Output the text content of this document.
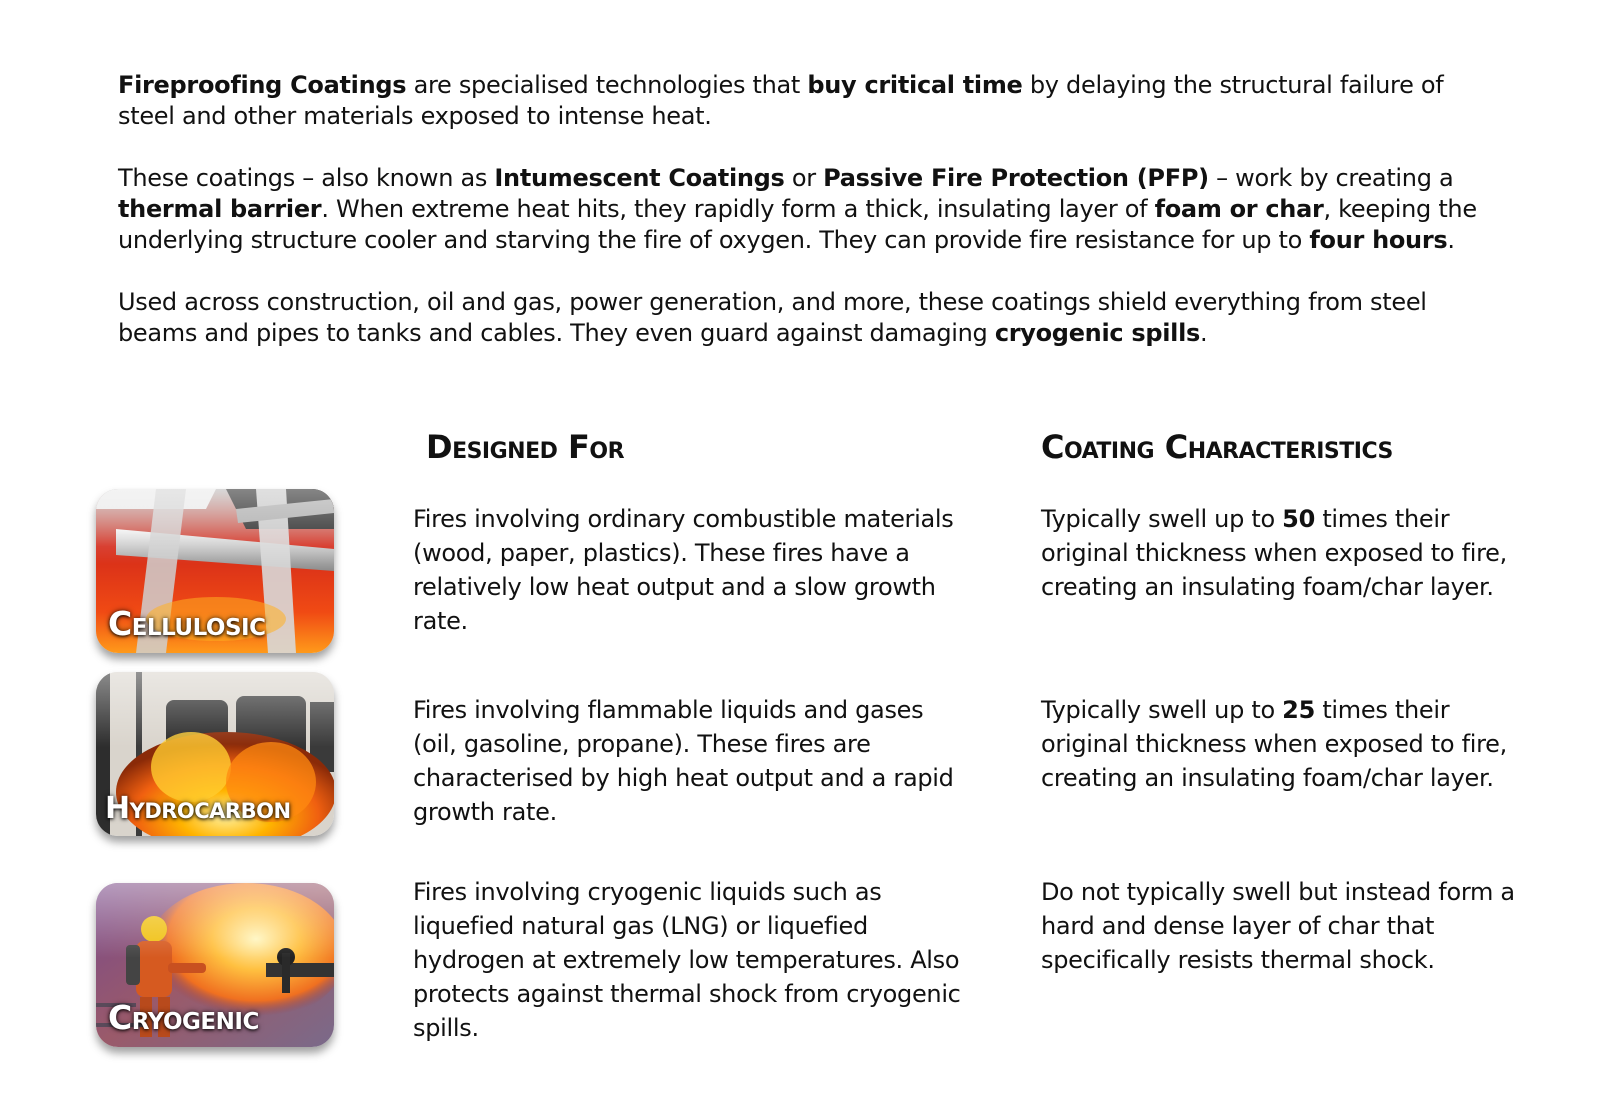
Fireproofing Coatings are specialised technologies that buy critical time by delaying the structural failure of steel and other materials exposed to intense heat.

These coatings – also known as Intumescent Coatings or Passive Fire Protection (PFP) – work by creating a thermal barrier. When extreme heat hits, they rapidly form a thick, insulating layer of foam or char, keeping the underlying structure cooler and starving the fire of oxygen. They can provide fire resistance for up to four hours.

Used across construction, oil and gas, power generation, and more, these coatings shield everything from steel beams and pipes to tanks and cables. They even guard against damaging cryogenic spills.

Designed For	Coating Characteristics
Cellulosic

Fires involving ordinary combustible materials (wood, paper, plastics). These fires have a relatively low heat output and a slow growth rate.

Typically swell up to 50 times their original thickness when exposed to fire, creating an insulating foam/char layer.

Hydrocarbon

Fires involving flammable liquids and gases (oil, gasoline, propane). These fires are characterised by high heat output and a rapid growth rate.

Typically swell up to 25 times their original thickness when exposed to fire, creating an insulating foam/char layer.

Cryogenic

Fires involving cryogenic liquids such as liquefied natural gas (LNG) or liquefied hydrogen at extremely low temperatures. Also protects against thermal shock from cryogenic spills.

Do not typically swell but instead form a hard and dense layer of char that specifically resists thermal shock.
